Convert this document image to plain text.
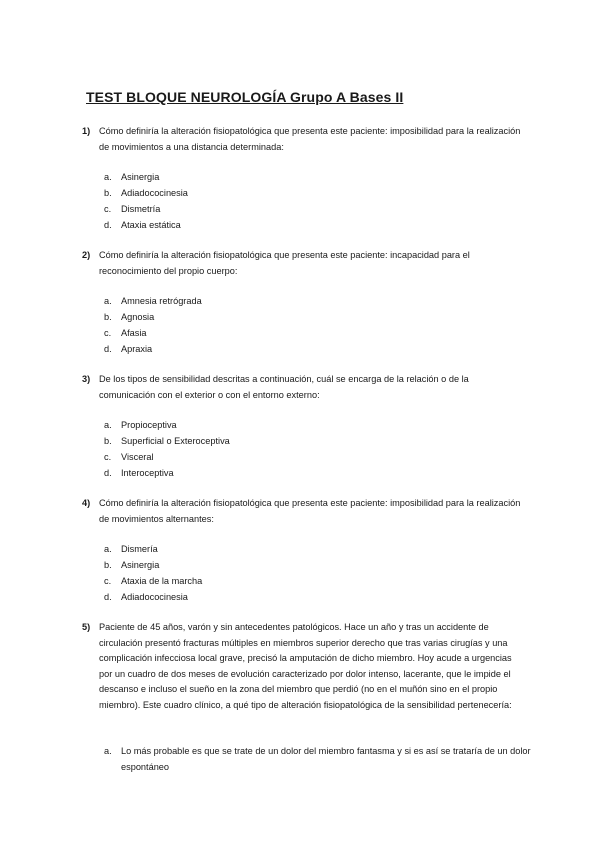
TEST BLOQUE NEUROLOGÍA Grupo A Bases II
1) Cómo definiría la alteración fisiopatológica que presenta este paciente: imposibilidad para la realización de movimientos a una distancia determinada:
a.	Asinergia
b.	Adiadococinesia
c.	Dismetría
d.	Ataxia estática
2) Cómo definiría la alteración fisiopatológica que presenta este paciente: incapacidad para el reconocimiento del propio cuerpo:
a.	Amnesia retrógrada
b.	Agnosia
c.	Afasia
d.	Apraxia
3) De los tipos de sensibilidad descritas a continuación, cuál se encarga de la relación o de la comunicación con el exterior o con el entorno externo:
a.	Propioceptiva
b.	Superficial o Exteroceptiva
c.	Visceral
d.	Interoceptiva
4) Cómo definiría la alteración fisiopatológica que presenta este paciente: imposibilidad para la realización de movimientos alternantes:
a.	Dismería
b.	Asinergia
c.	Ataxia de la marcha
d.	Adiadococinesia
5) Paciente de 45 años, varón y sin antecedentes patológicos. Hace un año y tras un accidente de circulación presentó fracturas múltiples en miembros superior derecho que tras varias cirugías y una complicación infecciosa local grave, precisó la amputación de dicho miembro. Hoy acude a urgencias por un cuadro de dos meses de evolución caracterizado por dolor intenso, lacerante, que le impide el descanso e incluso el sueño en la zona del miembro que perdió (no en el muñón sino en el propio miembro). Este cuadro clínico, a qué tipo de alteración fisiopatológica de la sensibilidad pertenecería:
a. Lo más probable es que se trate de un dolor del miembro fantasma y si es así se trataría de un dolor espontáneo
